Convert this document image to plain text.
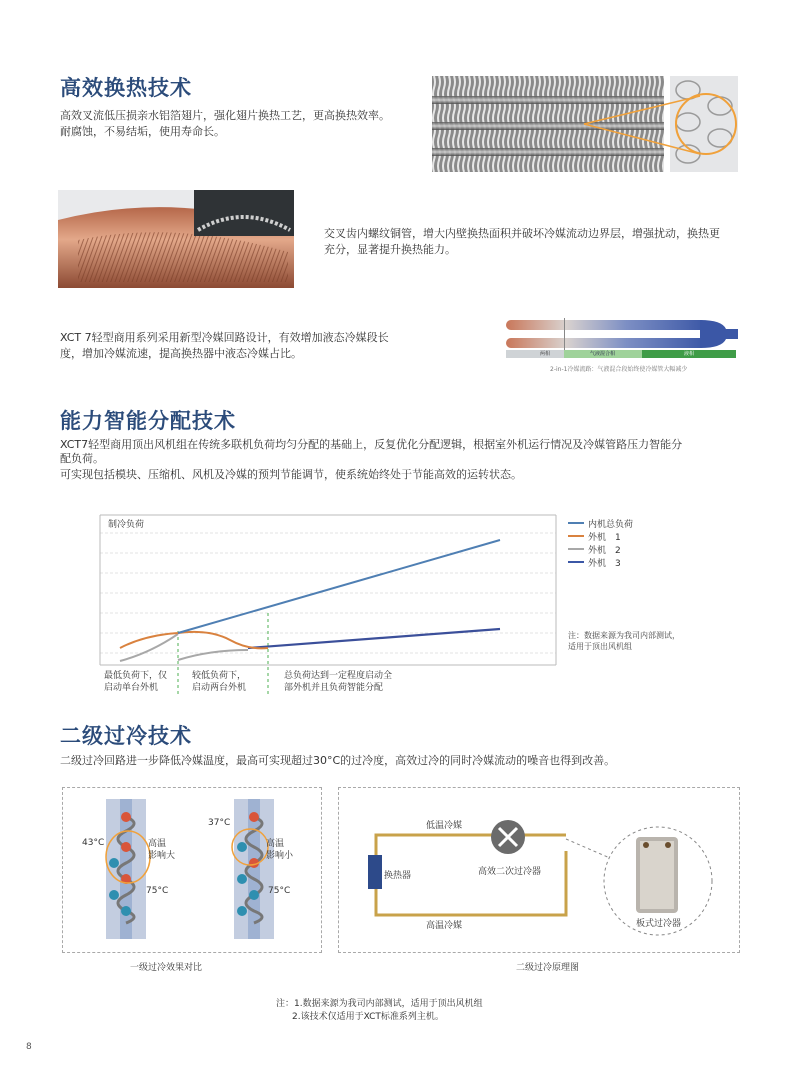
高效换热技术
高效叉流低压损亲水铝箔翅片，强化翅片换热工艺，更高换热效率。
耐腐蚀，不易结垢，使用寿命长。
交叉齿内螺纹铜管，增大内壁换热面积并破坏冷媒流动边界层，增强扰动，换热更
充分，显著提升换热能力。
XCT 7轻型商用系列采用新型冷媒回路设计，有效增加液态冷媒段长
度，增加冷媒流速，提高换热器中液态冷媒占比。	两相	气液混合相	液相
2-in-1冷媒流路：气液混合段始终使冷媒管大幅减少
能力智能分配技术
XCT7轻型商用顶出风机组在传统多联机负荷均匀分配的基础上，反复优化分配逻辑，根据室外机运行情况及冷媒管路压力智能分
配负荷。
可实现包括模块、压缩机、风机及冷媒的预判节能调节，使系统始终处于节能高效的运转状态。
制冷负荷	内机总负荷
外机　1
外机　2
外机　3
注：数据来源为我司内部测试，
适用于顶出风机组
最低负荷下，仅
启动单台外机
较低负荷下，
启动两台外机
总负荷达到一定程度启动全
部外机并且负荷智能分配
二级过冷技术
二级过冷回路进一步降低冷媒温度，最高可实现超过30°C的过冷度，高效过冷的同时冷媒流动的噪音也得到改善。
43°C
75°C
37°C
75°C
高温
影响大
高温
影响小
一级过冷效果对比
低温冷媒
换热器	高效二次过冷器
高温冷媒	板式过冷器
二级过冷原理图
注：1.数据来源为我司内部测试，适用于顶出风机组
2.该技术仅适用于XCT标准系列主机。
8
